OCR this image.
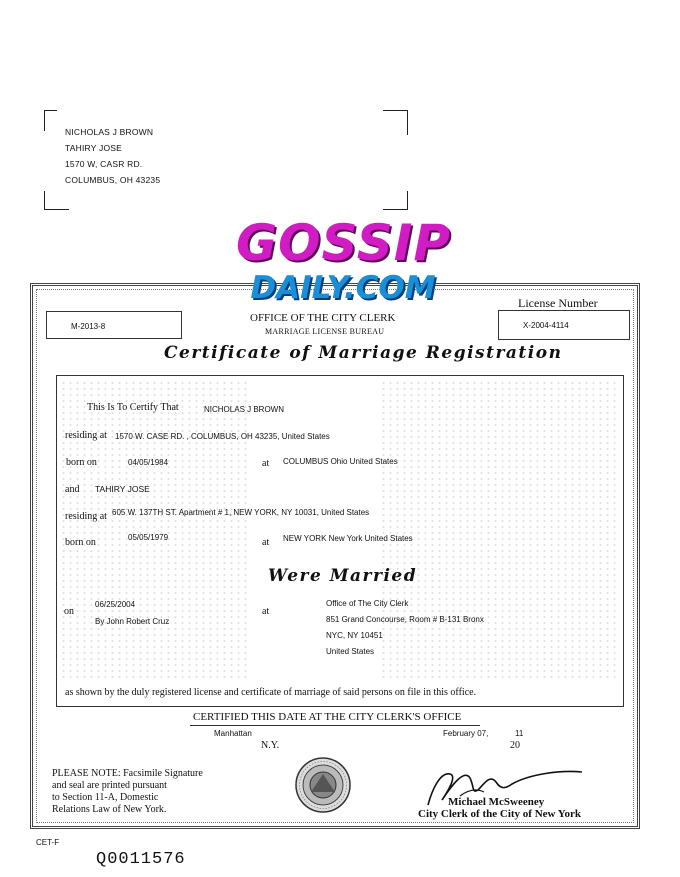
NICHOLAS J BROWN
TAHIRY JOSE
1570 W, CASR RD.
COLUMBUS, OH 43235
GOSSIP
DAILY.COM	License Number
M-2013-8	X-2004-4114
OFFICE OF THE CITY CLERK
MARRIAGE LICENSE BUREAU
Certificate of Marriage Registration
This Is To Certify That	NICHOLAS J BROWN
residing at 1570 W. CASE RD. , COLUMBUS, OH 43235, United States
born on	04/05/1984	at COLUMBUS Ohio United States
and TAHIRY JOSE
residing at 605 W. 137TH ST. Apartment # 1, NEW YORK, NY 10031, United States
born on	05/05/1979	at NEW YORK New York United States
Were Married
on
06/25/2004
By John Robert Cruz
at
Office of The City Clerk
851 Grand Concourse, Room # B-131 Bronx
NYC, NY 10451
United States
as shown by the duly registered license and certificate of marriage of said persons on file in this office.
CERTIFIED THIS DATE AT THE CITY CLERK'S OFFICE
Manhattan
N.Y.
February 07,	11
20
PLEASE NOTE: Facsimile Signature
and seal are printed pursuant
to Section 11-A, Domestic
Relations Law of New York.
Michael McSweeney
City Clerk of the City of New York
CET-F
Q0011576
